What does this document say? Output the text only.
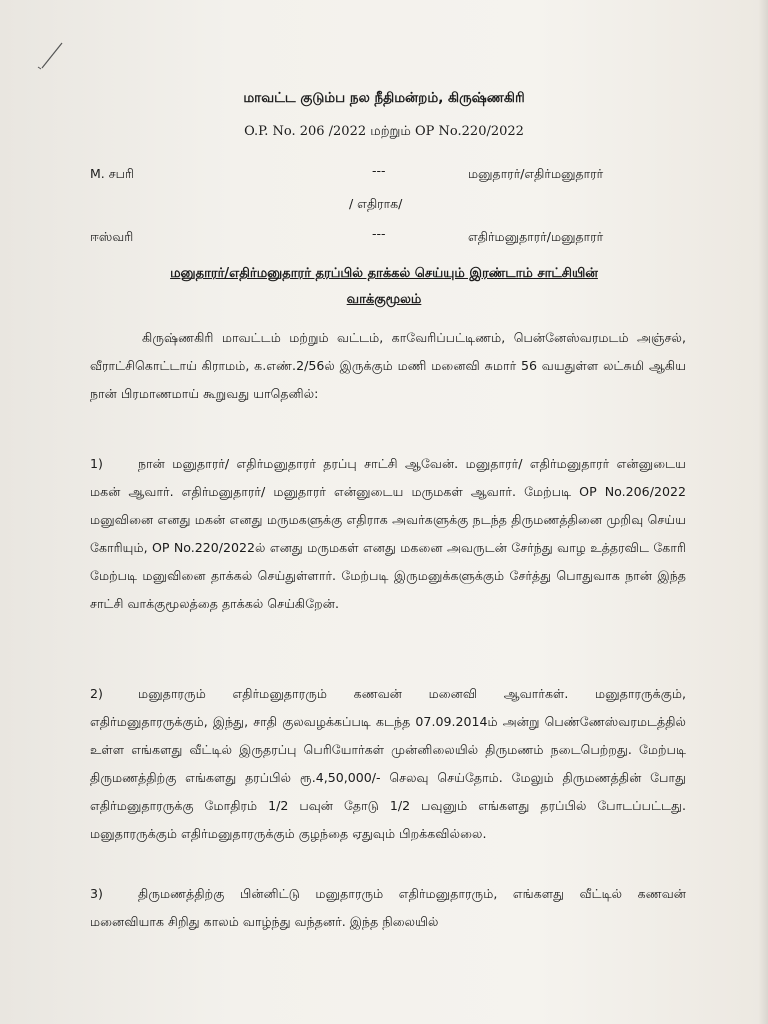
மாவட்ட குடும்ப நல நீதிமன்றம், கிருஷ்ணகிரி
O.P. No. 206 /2022 மற்றும் OP No.220/2022
M. சபரி	---	மனுதாரர்/எதிர்மனுதாரர்
/ எதிராக/
ஈஸ்வரி	---	எதிர்மனுதாரர்/மனுதாரர்
மனுதாரர்/எதிர்மனுதாரர் தரப்பில் தாக்கல் செய்யும் இரண்டாம் சாட்சியின்
வாக்குமூலம்
கிருஷ்ணகிரி மாவட்டம் மற்றும் வட்டம், காவேரிப்பட்டிணம், பென்னேஸ்வரமடம் அஞ்சல், வீராட்சிகொட்டாய் கிராமம், க.எண்.2/56ல் இருக்கும் மணி மனைவி சுமார் 56 வயதுள்ள லட்சுமி ஆகிய நான் பிரமாணமாய் கூறுவது யாதெனில்:
1)	நான் மனுதாரர்/ எதிர்மனுதாரர் தரப்பு சாட்சி ஆவேன். மனுதாரர்/ எதிர்மனுதாரர் என்னுடைய மகன் ஆவார். எதிர்மனுதாரர்/ மனுதாரர் என்னுடைய மருமகள் ஆவார். மேற்படி OP No.206/2022 மனுவினை எனது மகன் எனது மருமகளுக்கு எதிராக அவர்களுக்கு நடந்த திருமணத்தினை முறிவு செய்ய கோரியும், OP No.220/2022ல் எனது மருமகள் எனது மகனை அவருடன் சேர்ந்து வாழ உத்தரவிட கோரி மேற்படி மனுவினை தாக்கல் செய்துள்ளார். மேற்படி இருமனுக்களுக்கும் சேர்த்து பொதுவாக நான் இந்த சாட்சி வாக்குமூலத்தை தாக்கல் செய்கிறேன்.
2)	மனுதாரரும் எதிர்மனுதாரரும் கணவன் மனைவி ஆவார்கள். மனுதாரருக்கும், எதிர்மனுதாரருக்கும், இந்து, சாதி குலவழக்கப்படி கடந்த 07.09.2014ம் அன்று பெண்ணேஸ்வரமடத்தில் உள்ள எங்களது வீட்டில் இருதரப்பு பெரியோர்கள் முன்னிலையில் திருமணம் நடைபெற்றது. மேற்படி திருமணத்திற்கு எங்களது தரப்பில் ரூ.4,50,000/- செலவு செய்தோம். மேலும் திருமணத்தின் போது எதிர்மனுதாரருக்கு மோதிரம் 1/2 பவுன் தோடு 1/2 பவுனும் எங்களது தரப்பில் போடப்பட்டது. மனுதாரருக்கும் எதிர்மனுதாரருக்கும் குழந்தை ஏதுவும் பிறக்கவில்லை.
3)	திருமணத்திற்கு பின்னிட்டு மனுதாரரும் எதிர்மனுதாரரும், எங்களது வீட்டில் கணவன் மனைவியாக சிறிது காலம் வாழ்ந்து வந்தனர். இந்த நிலையில்
